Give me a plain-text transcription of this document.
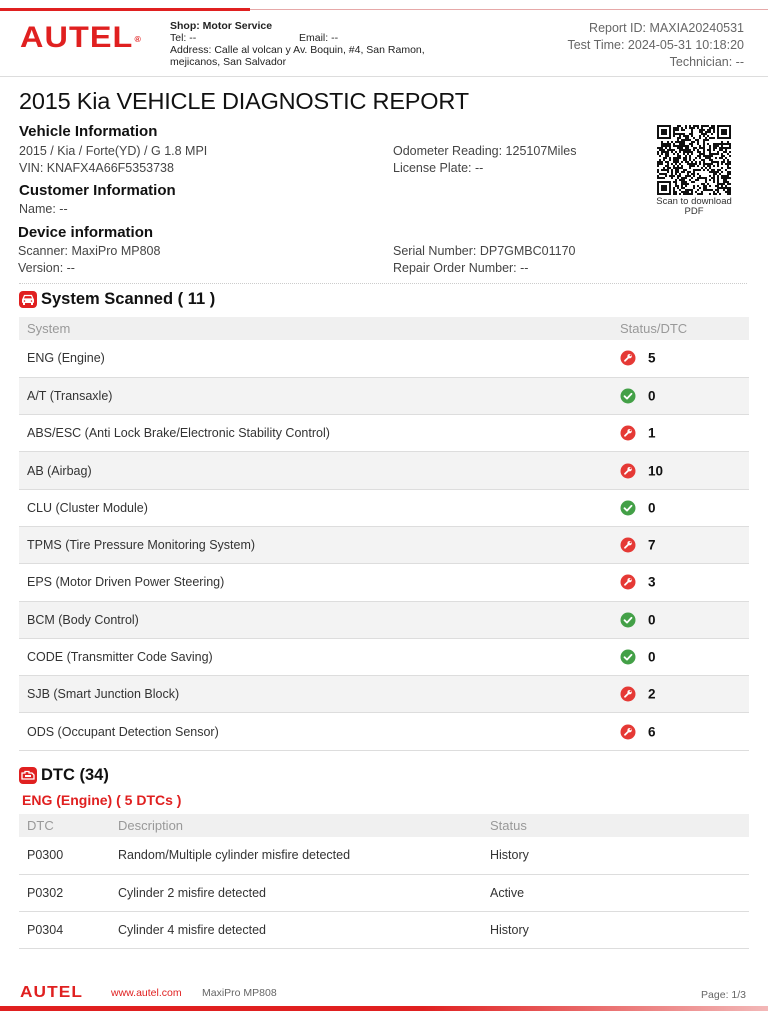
AUTEL®
Shop: Motor Service
Tel: --	Email: --
Address: Calle al volcan y Av. Boquin, #4, San Ramon, mejicanos, San Salvador
Report ID: MAXIA20240531
Test Time: 2024-05-31 10:18:20
Technician: --
2015 Kia VEHICLE DIAGNOSTIC REPORT
Vehicle Information
2015 / Kia / Forte(YD) / G 1.8 MPI
VIN: KNAFX4A66F5353738
Odometer Reading: 125107Miles
License Plate: --
Customer Information
Name: --
Device information
Scanner: MaxiPro MP808
Version: --
Serial Number: DP7GMBC01170
Repair Order Number: --
Scan to download PDF
System Scanned ( 11 )
System	Status/DTC
ENG (Engine)	5
A/T (Transaxle)	0
ABS/ESC (Anti Lock Brake/Electronic Stability Control)	1
AB (Airbag)	10
CLU (Cluster Module)	0
TPMS (Tire Pressure Monitoring System)	7
EPS (Motor Driven Power Steering)	3
BCM (Body Control)	0
CODE (Transmitter Code Saving)	0
SJB (Smart Junction Block)	2
ODS (Occupant Detection Sensor)	6
DTC (34)
ENG (Engine) ( 5 DTCs )
DTC	Description	Status
P0300	Random/Multiple cylinder misfire detected	History
P0302	Cylinder 2 misfire detected	Active
P0304	Cylinder 4 misfire detected	History
AUTEL	www.autel.com MaxiPro MP808	Page: 1/3
